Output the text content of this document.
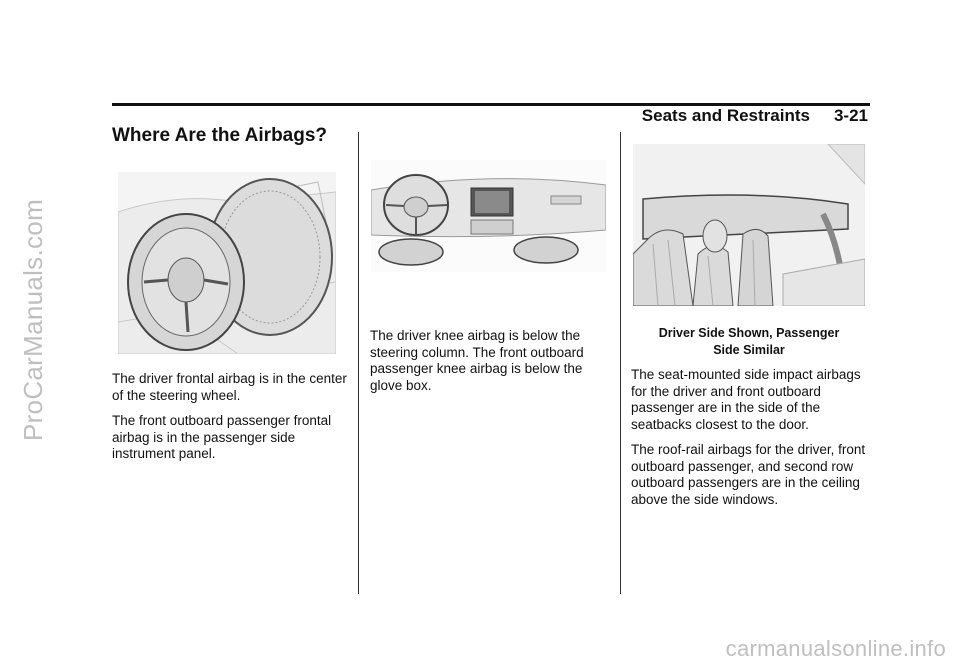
Seats and Restraints 3-21

Where Are the Airbags?

The driver frontal airbag is in the center of the steering wheel.

The front outboard passenger frontal airbag is in the passenger side instrument panel.

The driver knee airbag is below the steering column. The front outboard passenger knee airbag is below the glove box.

Driver Side Shown, Passenger
Side Similar

The seat-mounted side impact airbags for the driver and front outboard passenger are in the side of the seatbacks closest to the door.

The roof-rail airbags for the driver, front outboard passenger, and second row outboard passengers are in the ceiling above the side windows.

ProCarManuals.com
carmanualsonline.info
